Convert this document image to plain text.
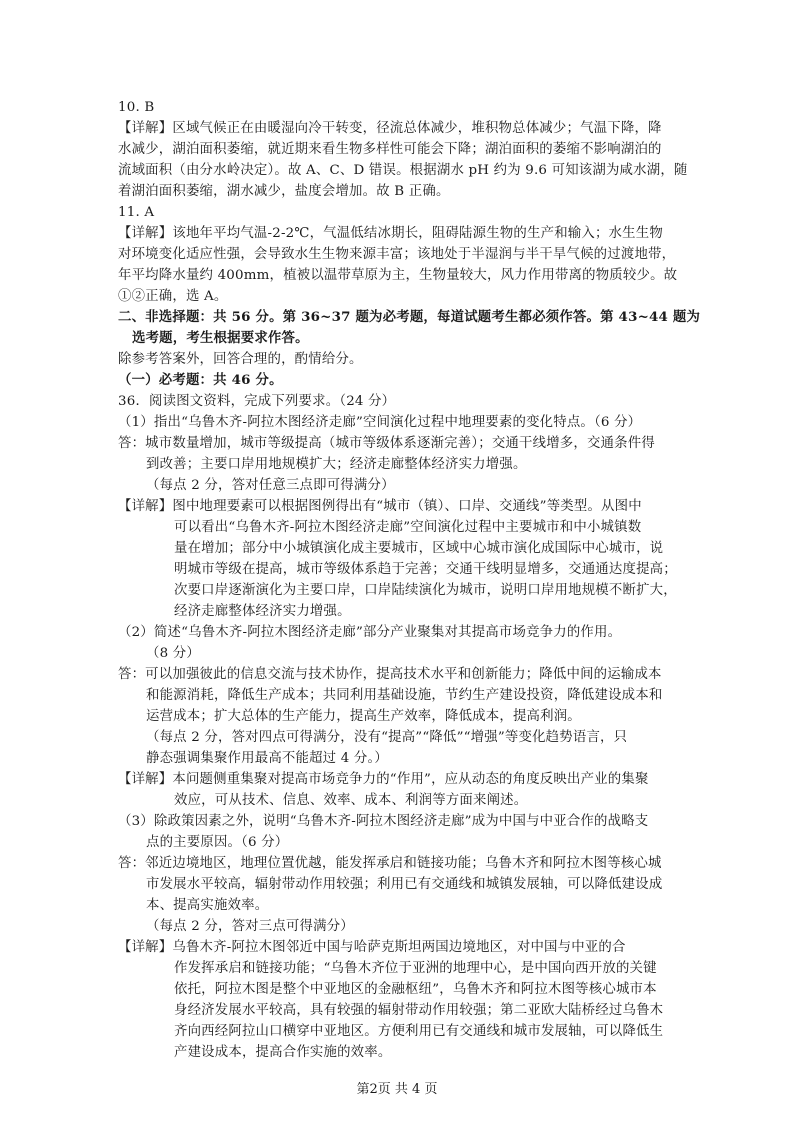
10. B
【详解】区域气候正在由暖湿向冷干转变，径流总体减少，堆积物总体减少；气温下降，降
水减少，湖泊面积萎缩，就近期来看生物多样性可能会下降；湖泊面积的萎缩不影响湖泊的
流域面积（由分水岭决定）。故 A、C、D 错误。根据湖水 pH 约为 9.6 可知该湖为咸水湖，随
着湖泊面积萎缩，湖水减少，盐度会增加。故 B 正确。
11. A
【详解】该地年平均气温-2-2℃，气温低结冰期长，阻碍陆源生物的生产和输入；水生生物
对环境变化适应性强，会导致水生生物来源丰富；该地处于半湿润与半干旱气候的过渡地带，
年平均降水量约 400mm，植被以温带草原为主，生物量较大，风力作用带离的物质较少。故
①②正确，选 A。
二、非选择题：共 56 分。第 36~37 题为必考题，每道试题考生都必须作答。第 43~44 题为
选考题，考生根据要求作答。
除参考答案外，回答合理的，酌情给分。
（一）必考题：共 46 分。
36．阅读图文资料，完成下列要求。（24 分）
（1）指出“乌鲁木齐-阿拉木图经济走廊”空间演化过程中地理要素的变化特点。（6 分）
答：城市数量增加，城市等级提高（城市等级体系逐渐完善）；交通干线增多，交通条件得
到改善；主要口岸用地规模扩大；经济走廊整体经济实力增强。
（每点 2 分，答对任意三点即可得满分）
【详解】图中地理要素可以根据图例得出有“城市（镇）、口岸、交通线”等类型。从图中
可以看出“乌鲁木齐-阿拉木图经济走廊”空间演化过程中主要城市和中小城镇数
量在增加；部分中小城镇演化成主要城市，区域中心城市演化成国际中心城市，说
明城市等级在提高，城市等级体系趋于完善；交通干线明显增多，交通通达度提高；
次要口岸逐渐演化为主要口岸，口岸陆续演化为城市，说明口岸用地规模不断扩大，
经济走廊整体经济实力增强。
（2）简述“乌鲁木齐-阿拉木图经济走廊”部分产业聚集对其提高市场竞争力的作用。
（8 分）
答：可以加强彼此的信息交流与技术协作，提高技术水平和创新能力；降低中间的运输成本
和能源消耗，降低生产成本；共同利用基础设施，节约生产建设投资，降低建设成本和
运营成本；扩大总体的生产能力，提高生产效率，降低成本，提高利润。
（每点 2 分，答对四点可得满分，没有“提高”“降低”“增强”等变化趋势语言，只
静态强调集聚作用最高不能超过 4 分。）
【详解】本问题侧重集聚对提高市场竞争力的“作用”，应从动态的角度反映出产业的集聚
效应，可从技术、信息、效率、成本、利润等方面来阐述。
（3）除政策因素之外，说明“乌鲁木齐-阿拉木图经济走廊”成为中国与中亚合作的战略支
点的主要原因。（6 分）
答：邻近边境地区，地理位置优越，能发挥承启和链接功能；乌鲁木齐和阿拉木图等核心城
市发展水平较高，辐射带动作用较强；利用已有交通线和城镇发展轴，可以降低建设成
本、提高实施效率。
（每点 2 分，答对三点可得满分）
【详解】乌鲁木齐-阿拉木图邻近中国与哈萨克斯坦两国边境地区，对中国与中亚的合
作发挥承启和链接功能；“乌鲁木齐位于亚洲的地理中心，是中国向西开放的关键
依托，阿拉木图是整个中亚地区的金融枢纽”，乌鲁木齐和阿拉木图等核心城市本
身经济发展水平较高，具有较强的辐射带动作用较强；第二亚欧大陆桥经过乌鲁木
齐向西经阿拉山口横穿中亚地区。方便利用已有交通线和城市发展轴，可以降低生
产建设成本，提高合作实施的效率。
第2页 共 4 页
